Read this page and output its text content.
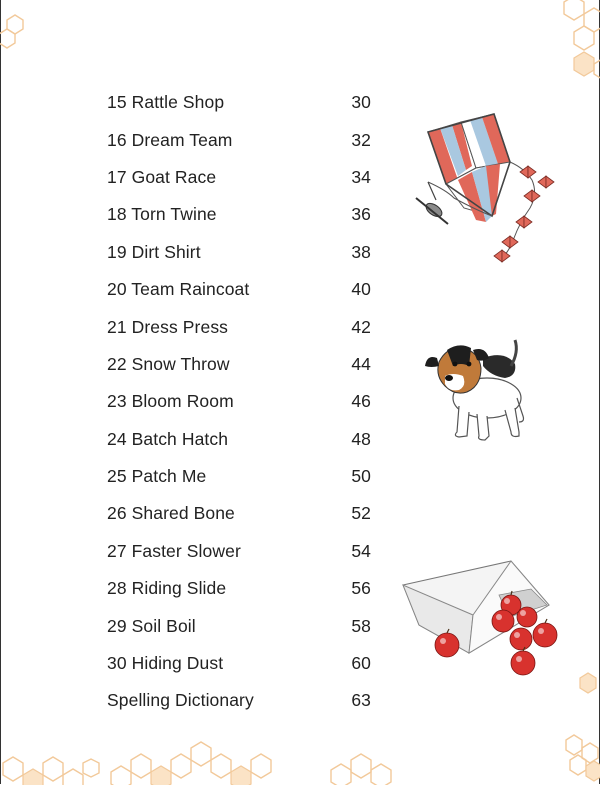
15 Rattle Shop	30
16 Dream Team	32
17 Goat Race	34
18 Torn Twine	36
19 Dirt Shirt	38
20 Team Raincoat	40
21 Dress Press	42
22 Snow Throw	44
23 Bloom Room	46
24 Batch Hatch	48
25 Patch Me	50
26 Shared Bone	52
27 Faster Slower	54
28 Riding Slide	56
29 Soil Boil	58
30 Hiding Dust	60
Spelling Dictionary	63
